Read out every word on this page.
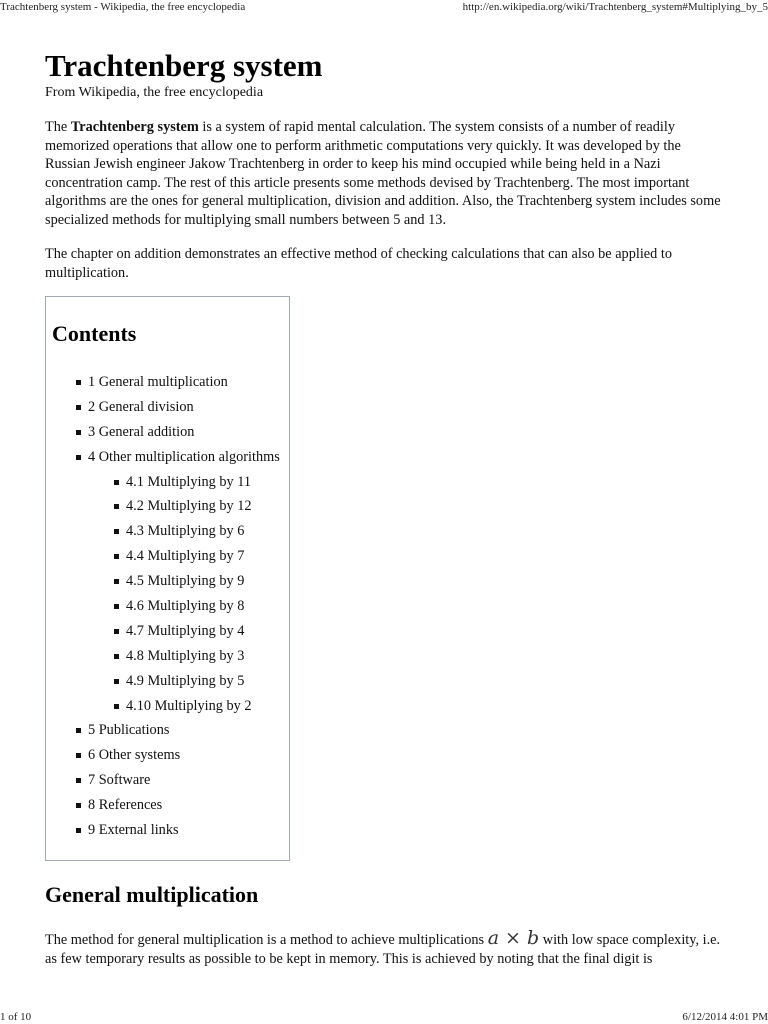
Trachtenberg system - Wikipedia, the free encyclopedia	http://en.wikipedia.org/wiki/Trachtenberg_system#Multiplying_by_5
Trachtenberg system
From Wikipedia, the free encyclopedia

The Trachtenberg system is a system of rapid mental calculation. The system consists of a number of readily memorized operations that allow one to perform arithmetic computations very quickly. It was developed by the Russian Jewish engineer Jakow Trachtenberg in order to keep his mind occupied while being held in a Nazi concentration camp. The rest of this article presents some methods devised by Trachtenberg. The most important algorithms are the ones for general multiplication, division and addition. Also, the Trachtenberg system includes some specialized methods for multiplying small numbers between 5 and 13.

The chapter on addition demonstrates an effective method of checking calculations that can also be applied to multiplication.

Contents
1 General multiplication
2 General division
3 General addition
4 Other multiplication algorithms
4.1 Multiplying by 11
4.2 Multiplying by 12
4.3 Multiplying by 6
4.4 Multiplying by 7
4.5 Multiplying by 9
4.6 Multiplying by 8
4.7 Multiplying by 4
4.8 Multiplying by 3
4.9 Multiplying by 5
4.10 Multiplying by 2
5 Publications
6 Other systems
7 Software
8 References
9 External links
General multiplication

The method for general multiplication is a method to achieve multiplications a × b with low space complexity, i.e. as few temporary results as possible to be kept in memory. This is achieved by noting that the final digit is

1 of 10	6/12/2014 4:01 PM
